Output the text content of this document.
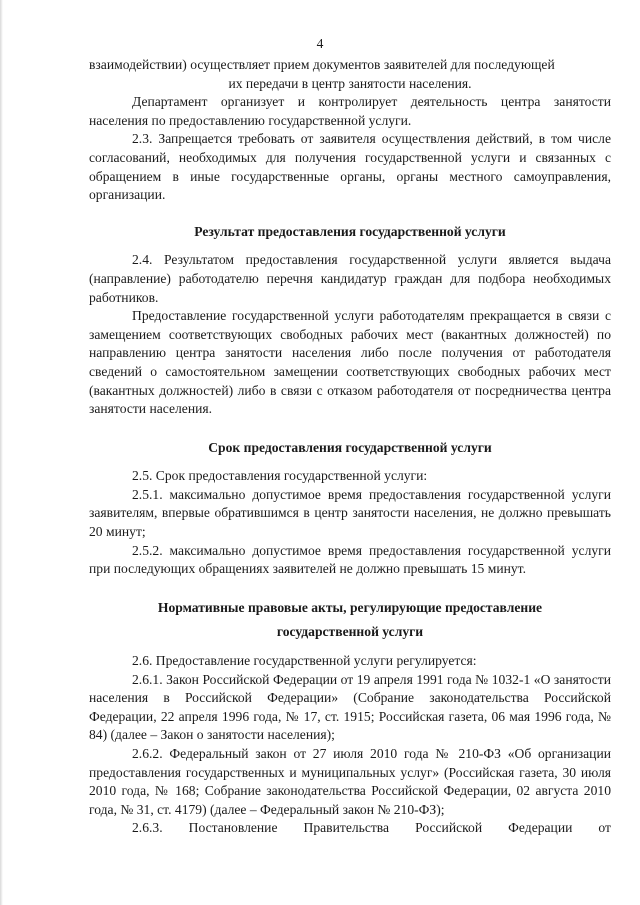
4

взаимодействии) осуществляет прием документов заявителей для последующей

их передачи в центр занятости населения.

Департамент организует и контролирует деятельность центра занятости населения по предоставлению государственной услуги.

2.3. Запрещается требовать от заявителя осуществления действий, в том числе согласований, необходимых для получения государственной услуги и связанных с обращением в иные государственные органы, органы местного самоуправления, организации.

Результат предоставления государственной услуги

2.4. Результатом предоставления государственной услуги является выдача (направление) работодателю перечня кандидатур граждан для подбора необходимых работников.

Предоставление государственной услуги работодателям прекращается в связи с замещением соответствующих свободных рабочих мест (вакантных должностей) по направлению центра занятости населения либо после получения от работодателя сведений о самостоятельном замещении соответствующих свободных рабочих мест (вакантных должностей) либо в связи с отказом работодателя от посредничества центра занятости населения.

Срок предоставления государственной услуги

2.5. Срок предоставления государственной услуги:

2.5.1. максимально допустимое время предоставления государственной услуги заявителям, впервые обратившимся в центр занятости населения, не должно превышать 20 минут;

2.5.2. максимально допустимое время предоставления государственной услуги при последующих обращениях заявителей не должно превышать 15 минут.

Нормативные правовые акты, регулирующие предоставление

государственной услуги

2.6. Предоставление государственной услуги регулируется:

2.6.1. Закон Российской Федерации от 19 апреля 1991 года № 1032-1 «О занятости населения в Российской Федерации» (Собрание законодательства Российской Федерации, 22 апреля 1996 года, № 17, ст. 1915; Российская газета, 06 мая 1996 года, № 84) (далее – Закон о занятости населения);

2.6.2. Федеральный закон от 27 июля 2010 года № 210-ФЗ «Об организации предоставления государственных и муниципальных услуг» (Российская газета, 30 июля 2010 года, № 168; Собрание законодательства Российской Федерации, 02 августа 2010 года, № 31, ст. 4179) (далее – Федеральный закон № 210-ФЗ);

2.6.3. Постановление Правительства Российской Федерации от
